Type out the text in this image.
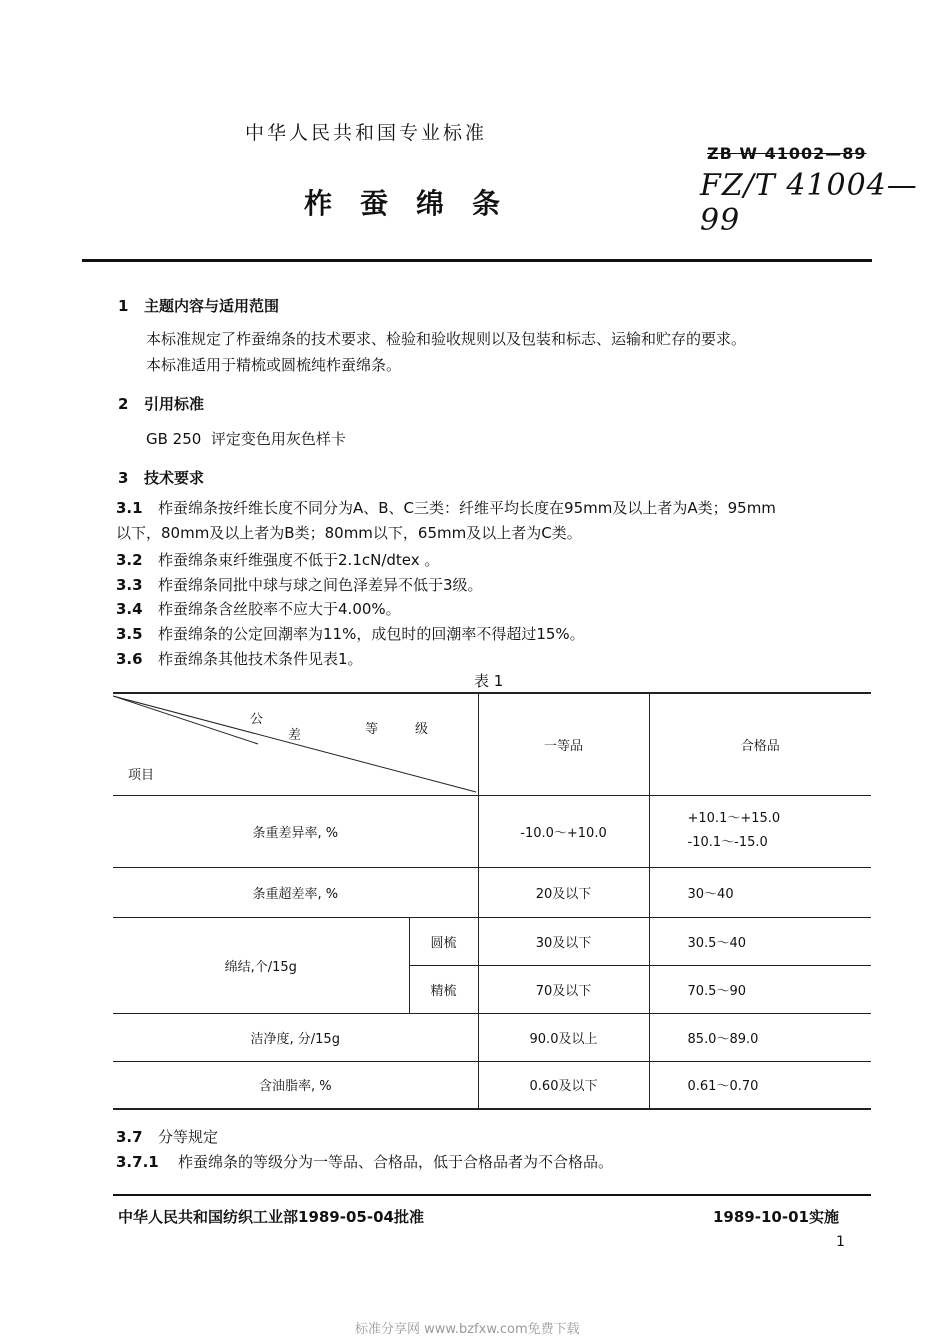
中华人民共和国专业标准
ZB W 41002—89
FZ/T 41004—99
柞蚕绵条
1 主题内容与适用范围
本标准规定了柞蚕绵条的技术要求、检验和验收规则以及包装和标志、运输和贮存的要求。
本标准适用于精梳或圆梳纯柞蚕绵条。
2 引用标准
GB 250  评定变色用灰色样卡
3 技术要求
3.1 柞蚕绵条按纤维长度不同分为A、B、C三类：纤维平均长度在95mm及以上者为A类；95mm
以下，80mm及以上者为B类；80mm以下，65mm及以上者为C类。
3.2 柞蚕绵条束纤维强度不低于2.1cN/dtex 。
3.3 柞蚕绵条同批中球与球之间色泽差异不低于3级。
3.4 柞蚕绵条含丝胶率不应大于4.00%。
3.5 柞蚕绵条的公定回潮率为11%，成包时的回潮率不得超过15%。
3.6 柞蚕绵条其他技术条件见表1。
表 1
公
差 等 级
项目		一等品	合格品
条重差异率, %		-10.0～+10.0	+10.1～+15.0
-10.1～-15.0

条重超差率, %		20及以下	30～40
绵结,个/15g	圆梳	30及以下	30.5～40
	精梳	70及以下	70.5～90
洁净度, 分/15g		90.0及以上	85.0～89.0
含油脂率, %		0.60及以下	0.61～0.70
3.7 分等规定
3.7.1 柞蚕绵条的等级分为一等品、合格品，低于合格品者为不合格品。
中华人民共和国纺织工业部1989-05-04批准	1989-10-01实施
1
标准分享网 www.bzfxw.com免费下载
